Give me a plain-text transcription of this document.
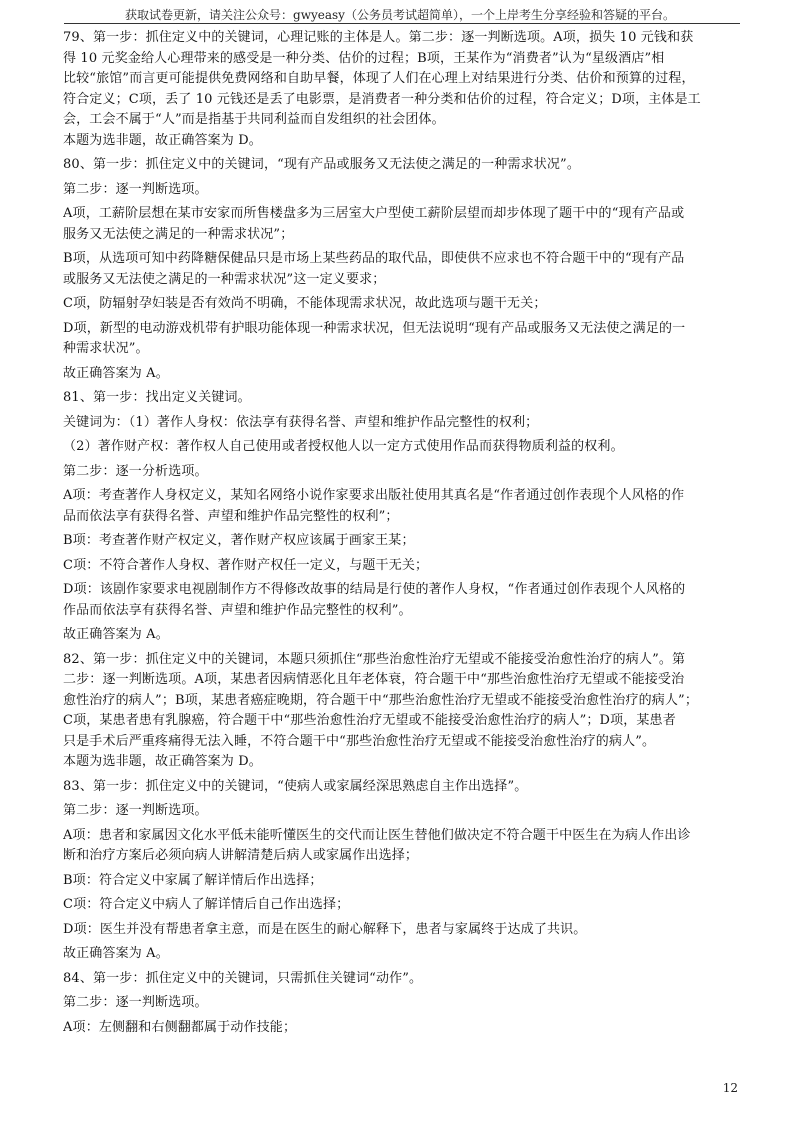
获取试卷更新，请关注公众号：gwyeasy（公务员考试超简单），一个上岸考生分享经验和答疑的平台。
79、第一步：抓住定义中的关键词，心理记账的主体是人。第二步：逐一判断选项。A项，损失 10 元钱和获
得 10 元奖金给人心理带来的感受是一种分类、估价的过程；B项，王某作为“消费者”认为“星级酒店”相
比较“旅馆”而言更可能提供免费网络和自助早餐，体现了人们在心理上对结果进行分类、估价和预算的过程，
符合定义；C项，丢了 10 元钱还是丢了电影票，是消费者一种分类和估价的过程，符合定义；D项，主体是工
会，工会不属于“人”而是指基于共同利益而自发组织的社会团体。
本题为选非题，故正确答案为 D。
80、第一步：抓住定义中的关键词，“现有产品或服务又无法使之满足的一种需求状况”。
第二步：逐一判断选项。
A项，工薪阶层想在某市安家而所售楼盘多为三居室大户型使工薪阶层望而却步体现了题干中的“现有产品或
服务又无法使之满足的一种需求状况”；
B项，从选项可知中药降糖保健品只是市场上某些药品的取代品，即使供不应求也不符合题干中的“现有产品
或服务又无法使之满足的一种需求状况”这一定义要求；
C项，防辐射孕妇装是否有效尚不明确，不能体现需求状况，故此选项与题干无关；
D项，新型的电动游戏机带有护眼功能体现一种需求状况，但无法说明“现有产品或服务又无法使之满足的一
种需求状况”。
故正确答案为 A。
81、第一步：找出定义关键词。
关键词为：（1）著作人身权：依法享有获得名誉、声望和维护作品完整性的权利；
（2）著作财产权：著作权人自己使用或者授权他人以一定方式使用作品而获得物质利益的权利。
第二步：逐一分析选项。
A项：考查著作人身权定义，某知名网络小说作家要求出版社使用其真名是“作者通过创作表现个人风格的作
品而依法享有获得名誉、声望和维护作品完整性的权利”；
B项：考查著作财产权定义，著作财产权应该属于画家王某；
C项：不符合著作人身权、著作财产权任一定义，与题干无关；
D项：该剧作家要求电视剧制作方不得修改故事的结局是行使的著作人身权，“作者通过创作表现个人风格的
作品而依法享有获得名誉、声望和维护作品完整性的权利”。
故正确答案为 A。
82、第一步：抓住定义中的关键词，本题只须抓住“那些治愈性治疗无望或不能接受治愈性治疗的病人”。第
二步：逐一判断选项。A项，某患者因病情恶化且年老体衰，符合题干中“那些治愈性治疗无望或不能接受治
愈性治疗的病人”；B项，某患者癌症晚期，符合题干中“那些治愈性治疗无望或不能接受治愈性治疗的病人”；
C项，某患者患有乳腺癌，符合题干中“那些治愈性治疗无望或不能接受治愈性治疗的病人”；D项，某患者
只是手术后严重疼痛得无法入睡，不符合题干中“那些治愈性治疗无望或不能接受治愈性治疗的病人”。
本题为选非题，故正确答案为 D。
83、第一步：抓住定义中的关键词，“使病人或家属经深思熟虑自主作出选择”。
第二步：逐一判断选项。
A项：患者和家属因文化水平低未能听懂医生的交代而让医生替他们做决定不符合题干中医生在为病人作出诊
断和治疗方案后必须向病人讲解清楚后病人或家属作出选择；
B项：符合定义中家属了解详情后作出选择；
C项：符合定义中病人了解详情后自己作出选择；
D项：医生并没有帮患者拿主意，而是在医生的耐心解释下，患者与家属终于达成了共识。
故正确答案为 A。
84、第一步：抓住定义中的关键词，只需抓住关键词“动作”。
第二步：逐一判断选项。
A项：左侧翻和右侧翻都属于动作技能；
12
